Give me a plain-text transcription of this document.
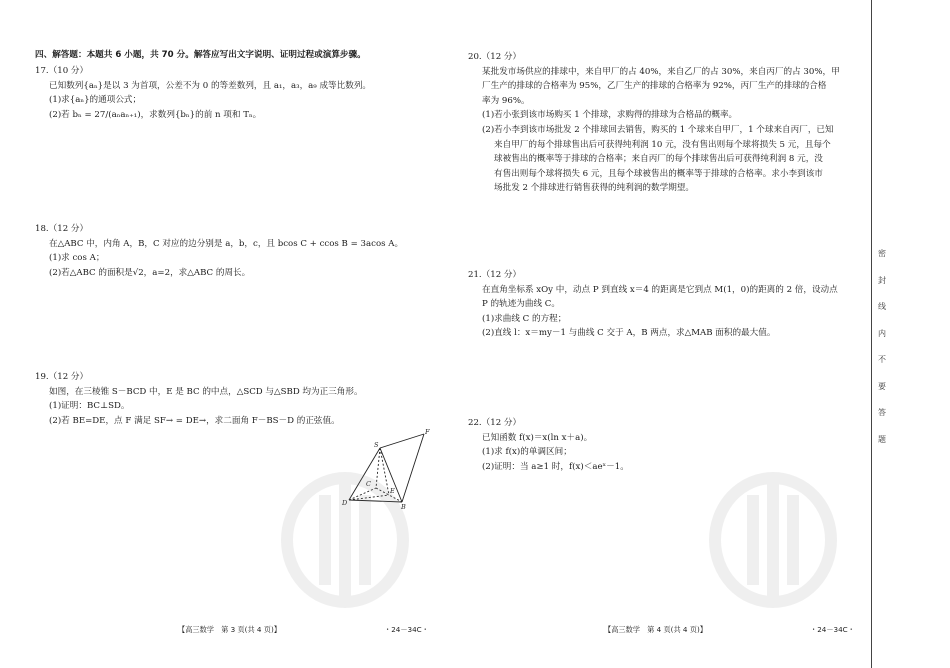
四、解答题：本题共 6 小题，共 70 分。解答应写出文字说明、证明过程或演算步骤。
17.（10 分）
已知数列{aₙ}是以 3 为首项，公差不为 0 的等差数列，且 a₁，a₃，a₉ 成等比数列。
(1)求{aₙ}的通项公式；
(2)若 bₙ = 27/(aₙaₙ₊₁)，求数列{bₙ}的前 n 项和 Tₙ。
18.（12 分）
在△ABC 中，内角 A，B，C 对应的边分别是 a，b，c，且 bcos C + ccos B = 3acos A。
(1)求 cos A；
(2)若△ABC 的面积是√2，a=2，求△ABC 的周长。
19.（12 分）
如图，在三棱锥 S－BCD 中，E 是 BC 的中点，△SCD 与△SBD 均为正三角形。
(1)证明：BC⊥SD。
(2)若 BE=DE，点 F 满足 SF→ = DE→，求二面角 F－BS－D 的正弦值。
S
F
C
E
D	B
20.（12 分）
某批发市场供应的排球中，来自甲厂的占 40%，来自乙厂的占 30%，来自丙厂的占 30%，甲
厂生产的排球的合格率为 95%，乙厂生产的排球的合格率为 92%，丙厂生产的排球的合格
率为 96%。
(1)若小张到该市场购买 1 个排球，求购得的排球为合格品的概率。
(2)若小李到该市场批发 2 个排球回去销售，购买的 1 个球来自甲厂，1 个球来自丙厂，已知
来自甲厂的每个排球售出后可获得纯利润 10 元，没有售出则每个球将损失 5 元，且每个
球被售出的概率等于排球的合格率；来自丙厂的每个排球售出后可获得纯利润 8 元，没
有售出则每个球将损失 6 元，且每个球被售出的概率等于排球的合格率。求小李到该市
场批发 2 个排球进行销售获得的纯利润的数学期望。
21.（12 分）
在直角坐标系 xOy 中，动点 P 到直线 x＝4 的距离是它到点 M(1，0)的距离的 2 倍，设动点
P 的轨迹为曲线 C。
(1)求曲线 C 的方程；
(2)直线 l：x＝my－1 与曲线 C 交于 A，B 两点，求△MAB 面积的最大值。
22.（12 分）
已知函数 f(x)＝x(ln x＋a)。
(1)求 f(x)的单调区间；
(2)证明：当 a≥1 时，f(x)＜aeˣ－1。
【高三数学　第 3 页(共 4 页)】	・24－34C・	【高三数学　第 4 页(共 4 页)】	・24－34C・
密
封
线
内
不
要
答
题
